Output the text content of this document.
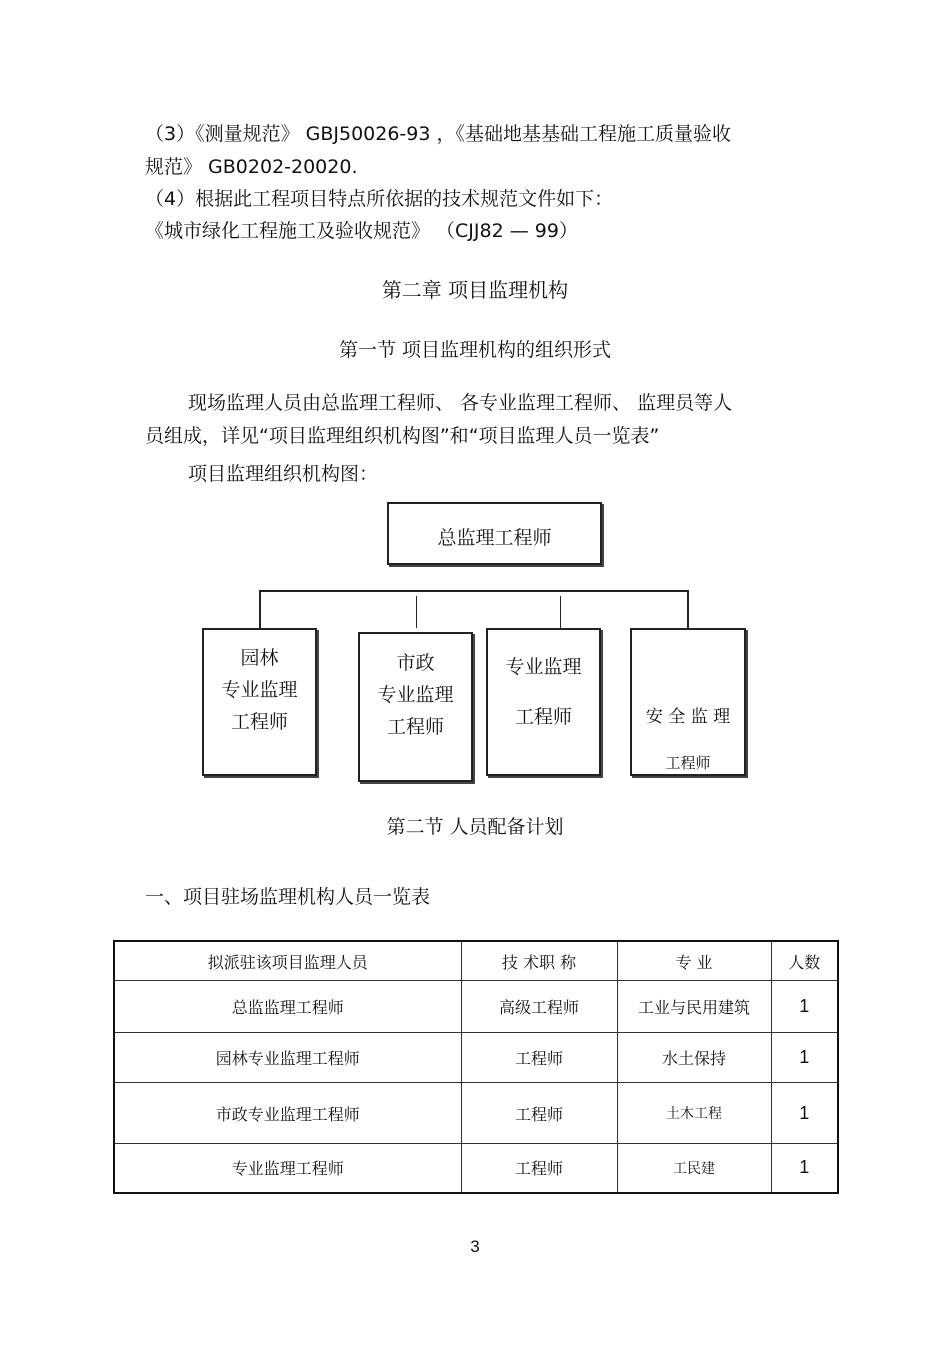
（3）《测量规范》 GBJ50026-93 ，《基础地基基础工程施工质量验收
规范》 GB0202-20020.
（4）根据此工程项目特点所依据的技术规范文件如下：
《城市绿化工程施工及验收规范》 （CJJ82 — 99）
第二章 项目监理机构
第一节 项目监理机构的组织形式
现场监理人员由总监理工程师、 各专业监理工程师、 监理员等人
员组成，详见“项目监理组织机构图”和“项目监理人员一览表”
项目监理组织机构图：
总监理工程师
园林
专业监理
工程师
市政
专业监理
工程师
专业监理
工程师	安 全 监 理
工程师
第二节 人员配备计划
一、项目驻场监理机构人员一览表
拟派驻该项目监理人员	技 术职 称	专 业	人数
总监监理工程师	高级工程师	工业与民用建筑	1
园林专业监理工程师	工程师	水土保持	1
市政专业监理工程师	工程师	土木工程	1
专业监理工程师	工程师	工民建	1
3
